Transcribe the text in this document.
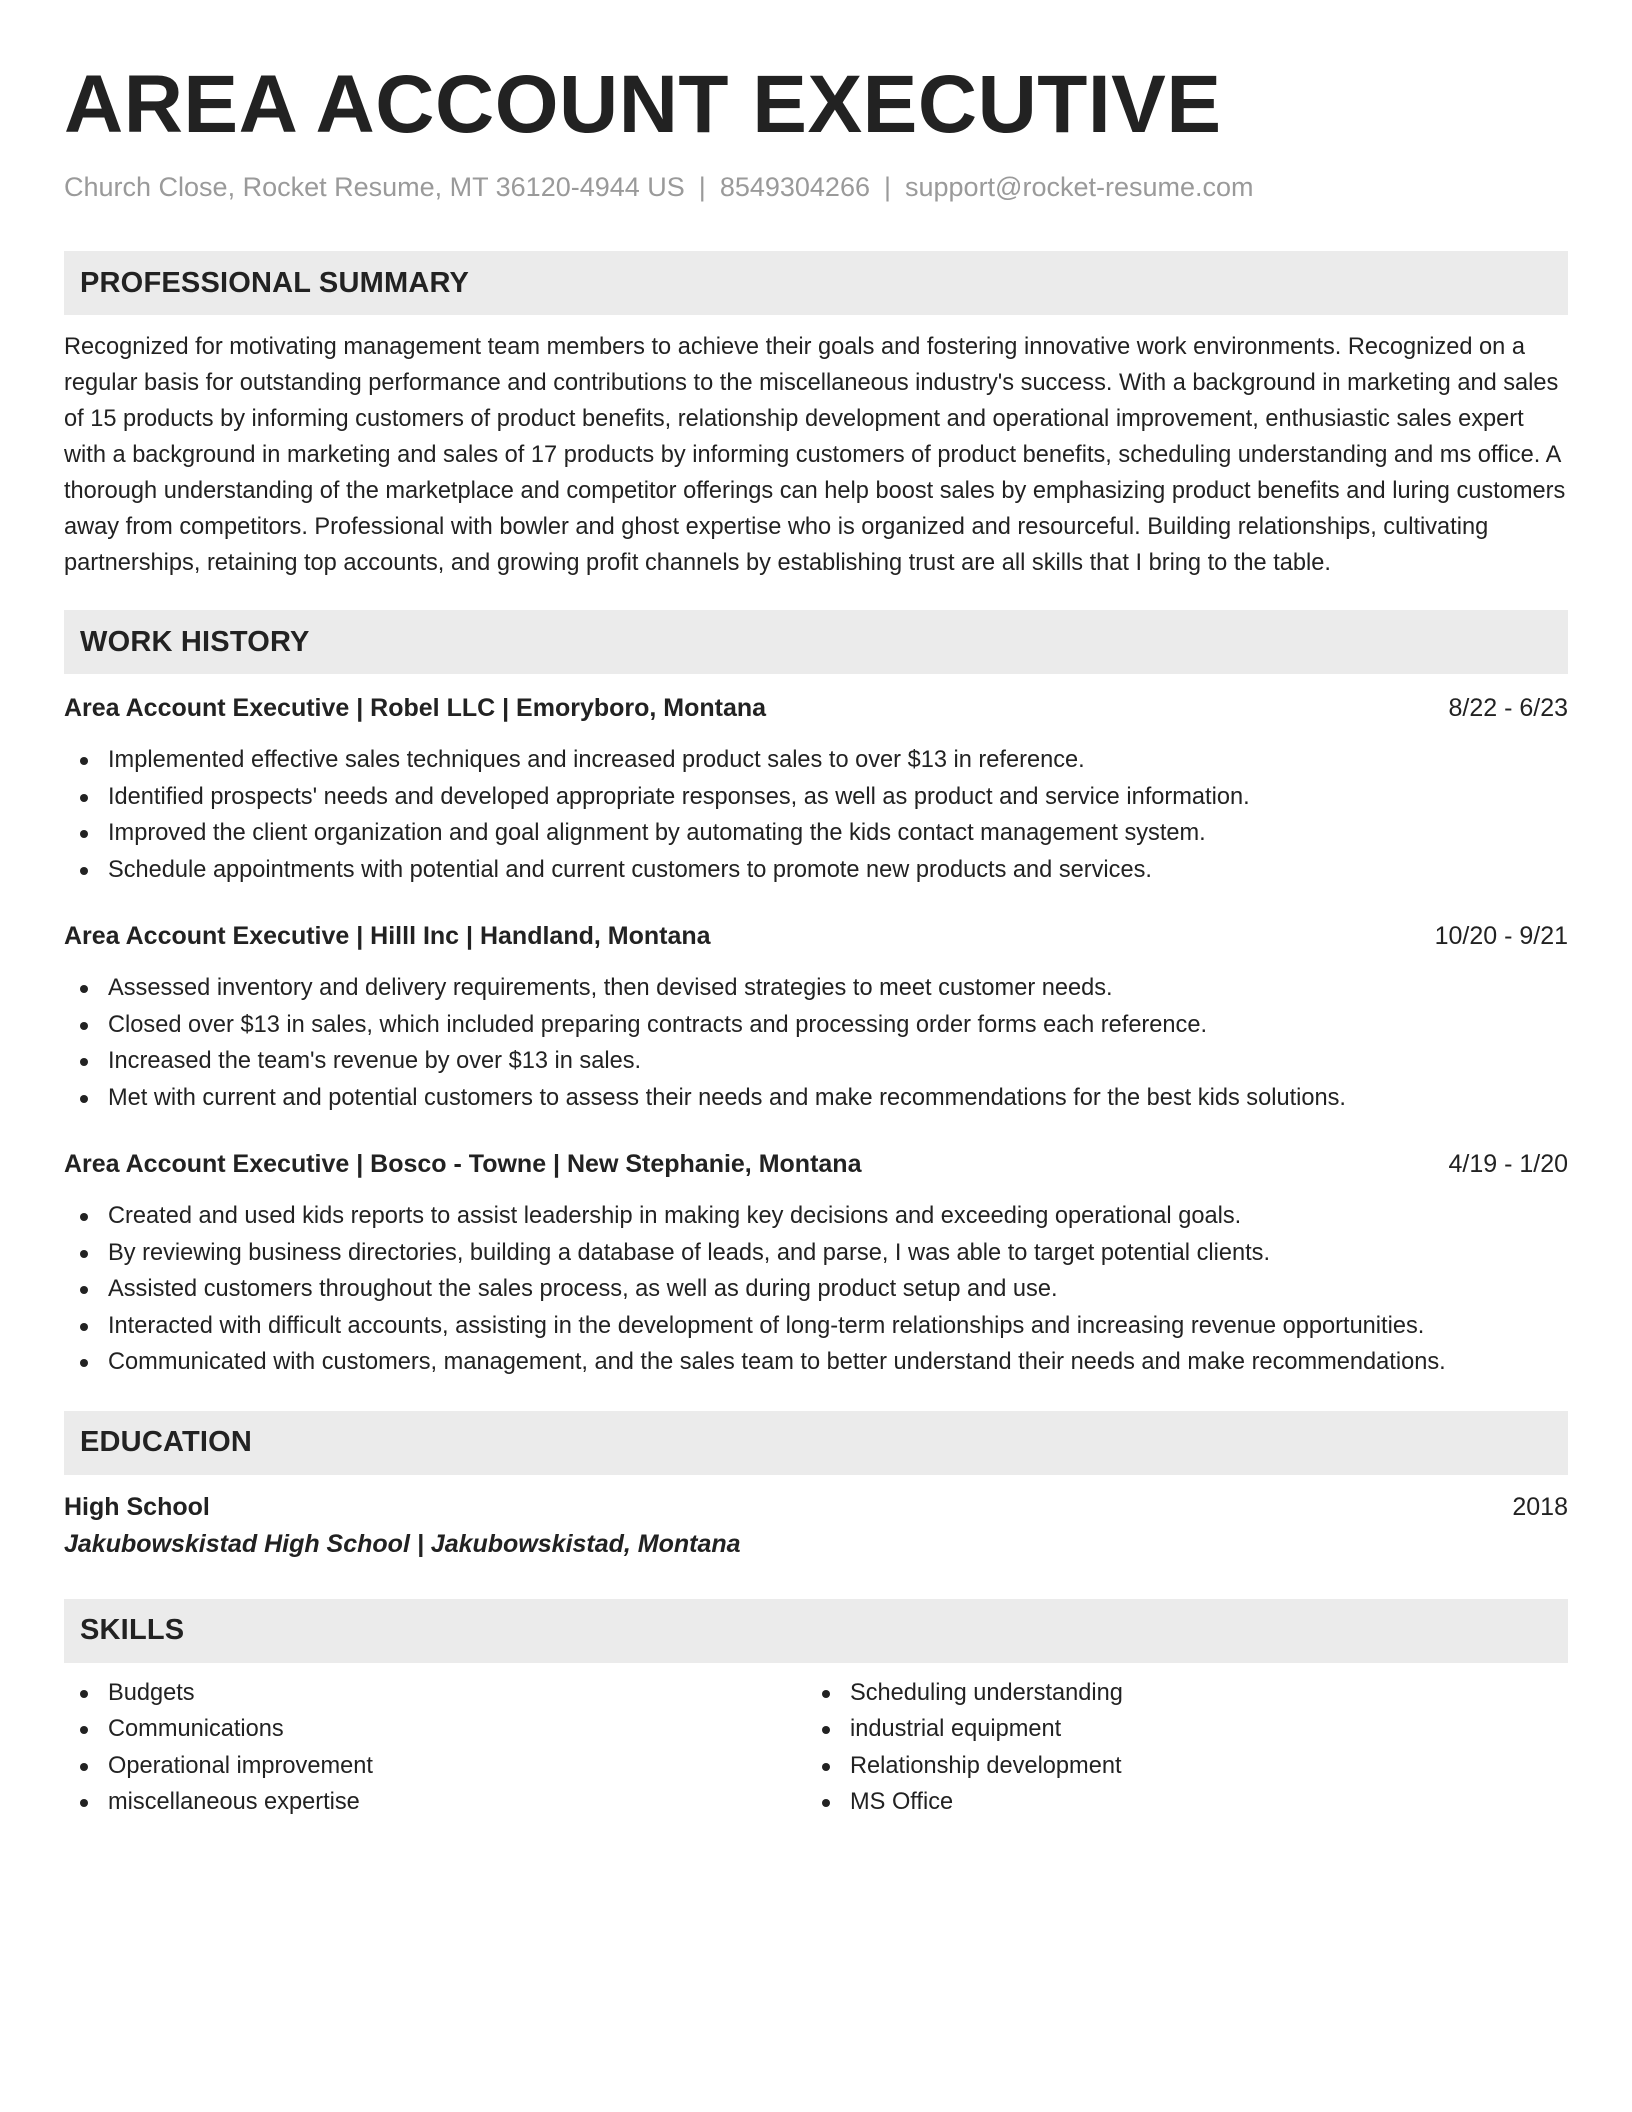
AREA ACCOUNT EXECUTIVE
Church Close, Rocket Resume, MT 36120-4944 US | 8549304266 | support@rocket-resume.com
PROFESSIONAL SUMMARY

Recognized for motivating management team members to achieve their goals and fostering innovative work environments. Recognized on a regular basis for outstanding performance and contributions to the miscellaneous industry's success. With a background in marketing and sales of 15 products by informing customers of product benefits, relationship development and operational improvement, enthusiastic sales expert with a background in marketing and sales of 17 products by informing customers of product benefits, scheduling understanding and ms office. A thorough understanding of the marketplace and competitor offerings can help boost sales by emphasizing product benefits and luring customers away from competitors. Professional with bowler and ghost expertise who is organized and resourceful. Building relationships, cultivating partnerships, retaining top accounts, and growing profit channels by establishing trust are all skills that I bring to the table.

WORK HISTORY
Area Account Executive | Robel LLC | Emoryboro, Montana	8/22 - 6/23
Implemented effective sales techniques and increased product sales to over $13 in reference.
Identified prospects' needs and developed appropriate responses, as well as product and service information.
Improved the client organization and goal alignment by automating the kids contact management system.
Schedule appointments with potential and current customers to promote new products and services.
Area Account Executive | Hilll Inc | Handland, Montana	10/20 - 9/21
Assessed inventory and delivery requirements, then devised strategies to meet customer needs.
Closed over $13 in sales, which included preparing contracts and processing order forms each reference.
Increased the team's revenue by over $13 in sales.
Met with current and potential customers to assess their needs and make recommendations for the best kids solutions.
Area Account Executive | Bosco - Towne | New Stephanie, Montana	4/19 - 1/20
Created and used kids reports to assist leadership in making key decisions and exceeding operational goals.
By reviewing business directories, building a database of leads, and parse, I was able to target potential clients.
Assisted customers throughout the sales process, as well as during product setup and use.
Interacted with difficult accounts, assisting in the development of long-term relationships and increasing revenue opportunities.
Communicated with customers, management, and the sales team to better understand their needs and make recommendations.
EDUCATION
High School	2018
Jakubowskistad High School | Jakubowskistad, Montana
SKILLS
Budgets
Communications
Operational improvement
miscellaneous expertise
Scheduling understanding
industrial equipment
Relationship development
MS Office
